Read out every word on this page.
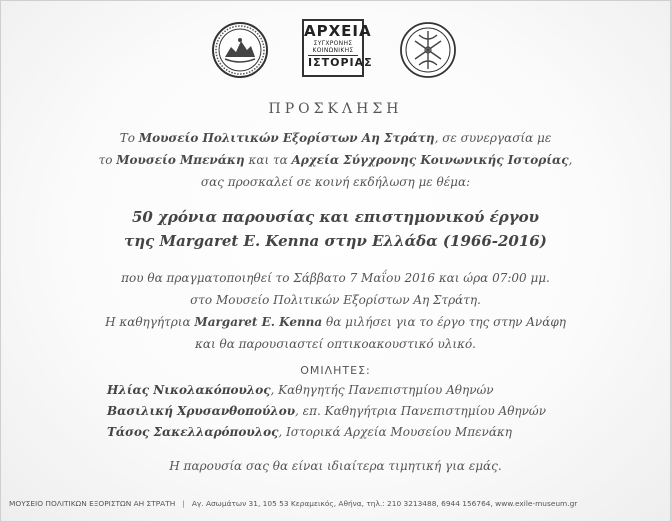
ΑΡΧΕΙΑ
ΣΥΓΧΡΟΝΗΣ
ΚΟΙΝΩΝΙΚΗΣ
ΙΣΤΟΡΙΑΣ
ΠΡΟΣΚΛΗΣΗ
Το Μουσείο Πολιτικών Εξορίστων Αη Στράτη, σε συνεργασία με
το Μουσείο Μπενάκη και τα Αρχεία Σύγχρονης Κοινωνικής Ιστορίας,
σας προσκαλεί σε κοινή εκδήλωση με θέμα:
50 χρόνια παρουσίας και επιστημονικού έργου
της Margaret E. Kenna στην Ελλάδα (1966-2016)
που θα πραγματοποιηθεί το Σάββατο 7 Μαΐου 2016 και ώρα 07:00 μμ.
στο Μουσείο Πολιτικών Εξορίστων Αη Στράτη.
Η καθηγήτρια Margaret E. Kenna θα μιλήσει για το έργο της στην Ανάφη
και θα παρουσιαστεί οπτικοακουστικό υλικό.
ΟΜΙΛΗΤΕΣ:
Ηλίας Νικολακόπουλος, Καθηγητής Πανεπιστημίου Αθηνών
Βασιλική Χρυσανθοπούλου, επ. Καθηγήτρια Πανεπιστημίου Αθηνών
Τάσος Σακελλαρόπουλος, Ιστορικά Αρχεία Μουσείου Μπενάκη
Η παρουσία σας θα είναι ιδιαίτερα τιμητική για εμάς.
ΜΟΥΣΕΙΟ ΠΟΛΙΤΙΚΩΝ ΕΞΟΡΙΣΤΩΝ ΑΗ ΣΤΡΑΤΗ | Αγ. Ασωμάτων 31, 105 53 Κεραμεικός, Αθήνα, τηλ.: 210 3213488, 6944 156764, www.exile-museum.gr
